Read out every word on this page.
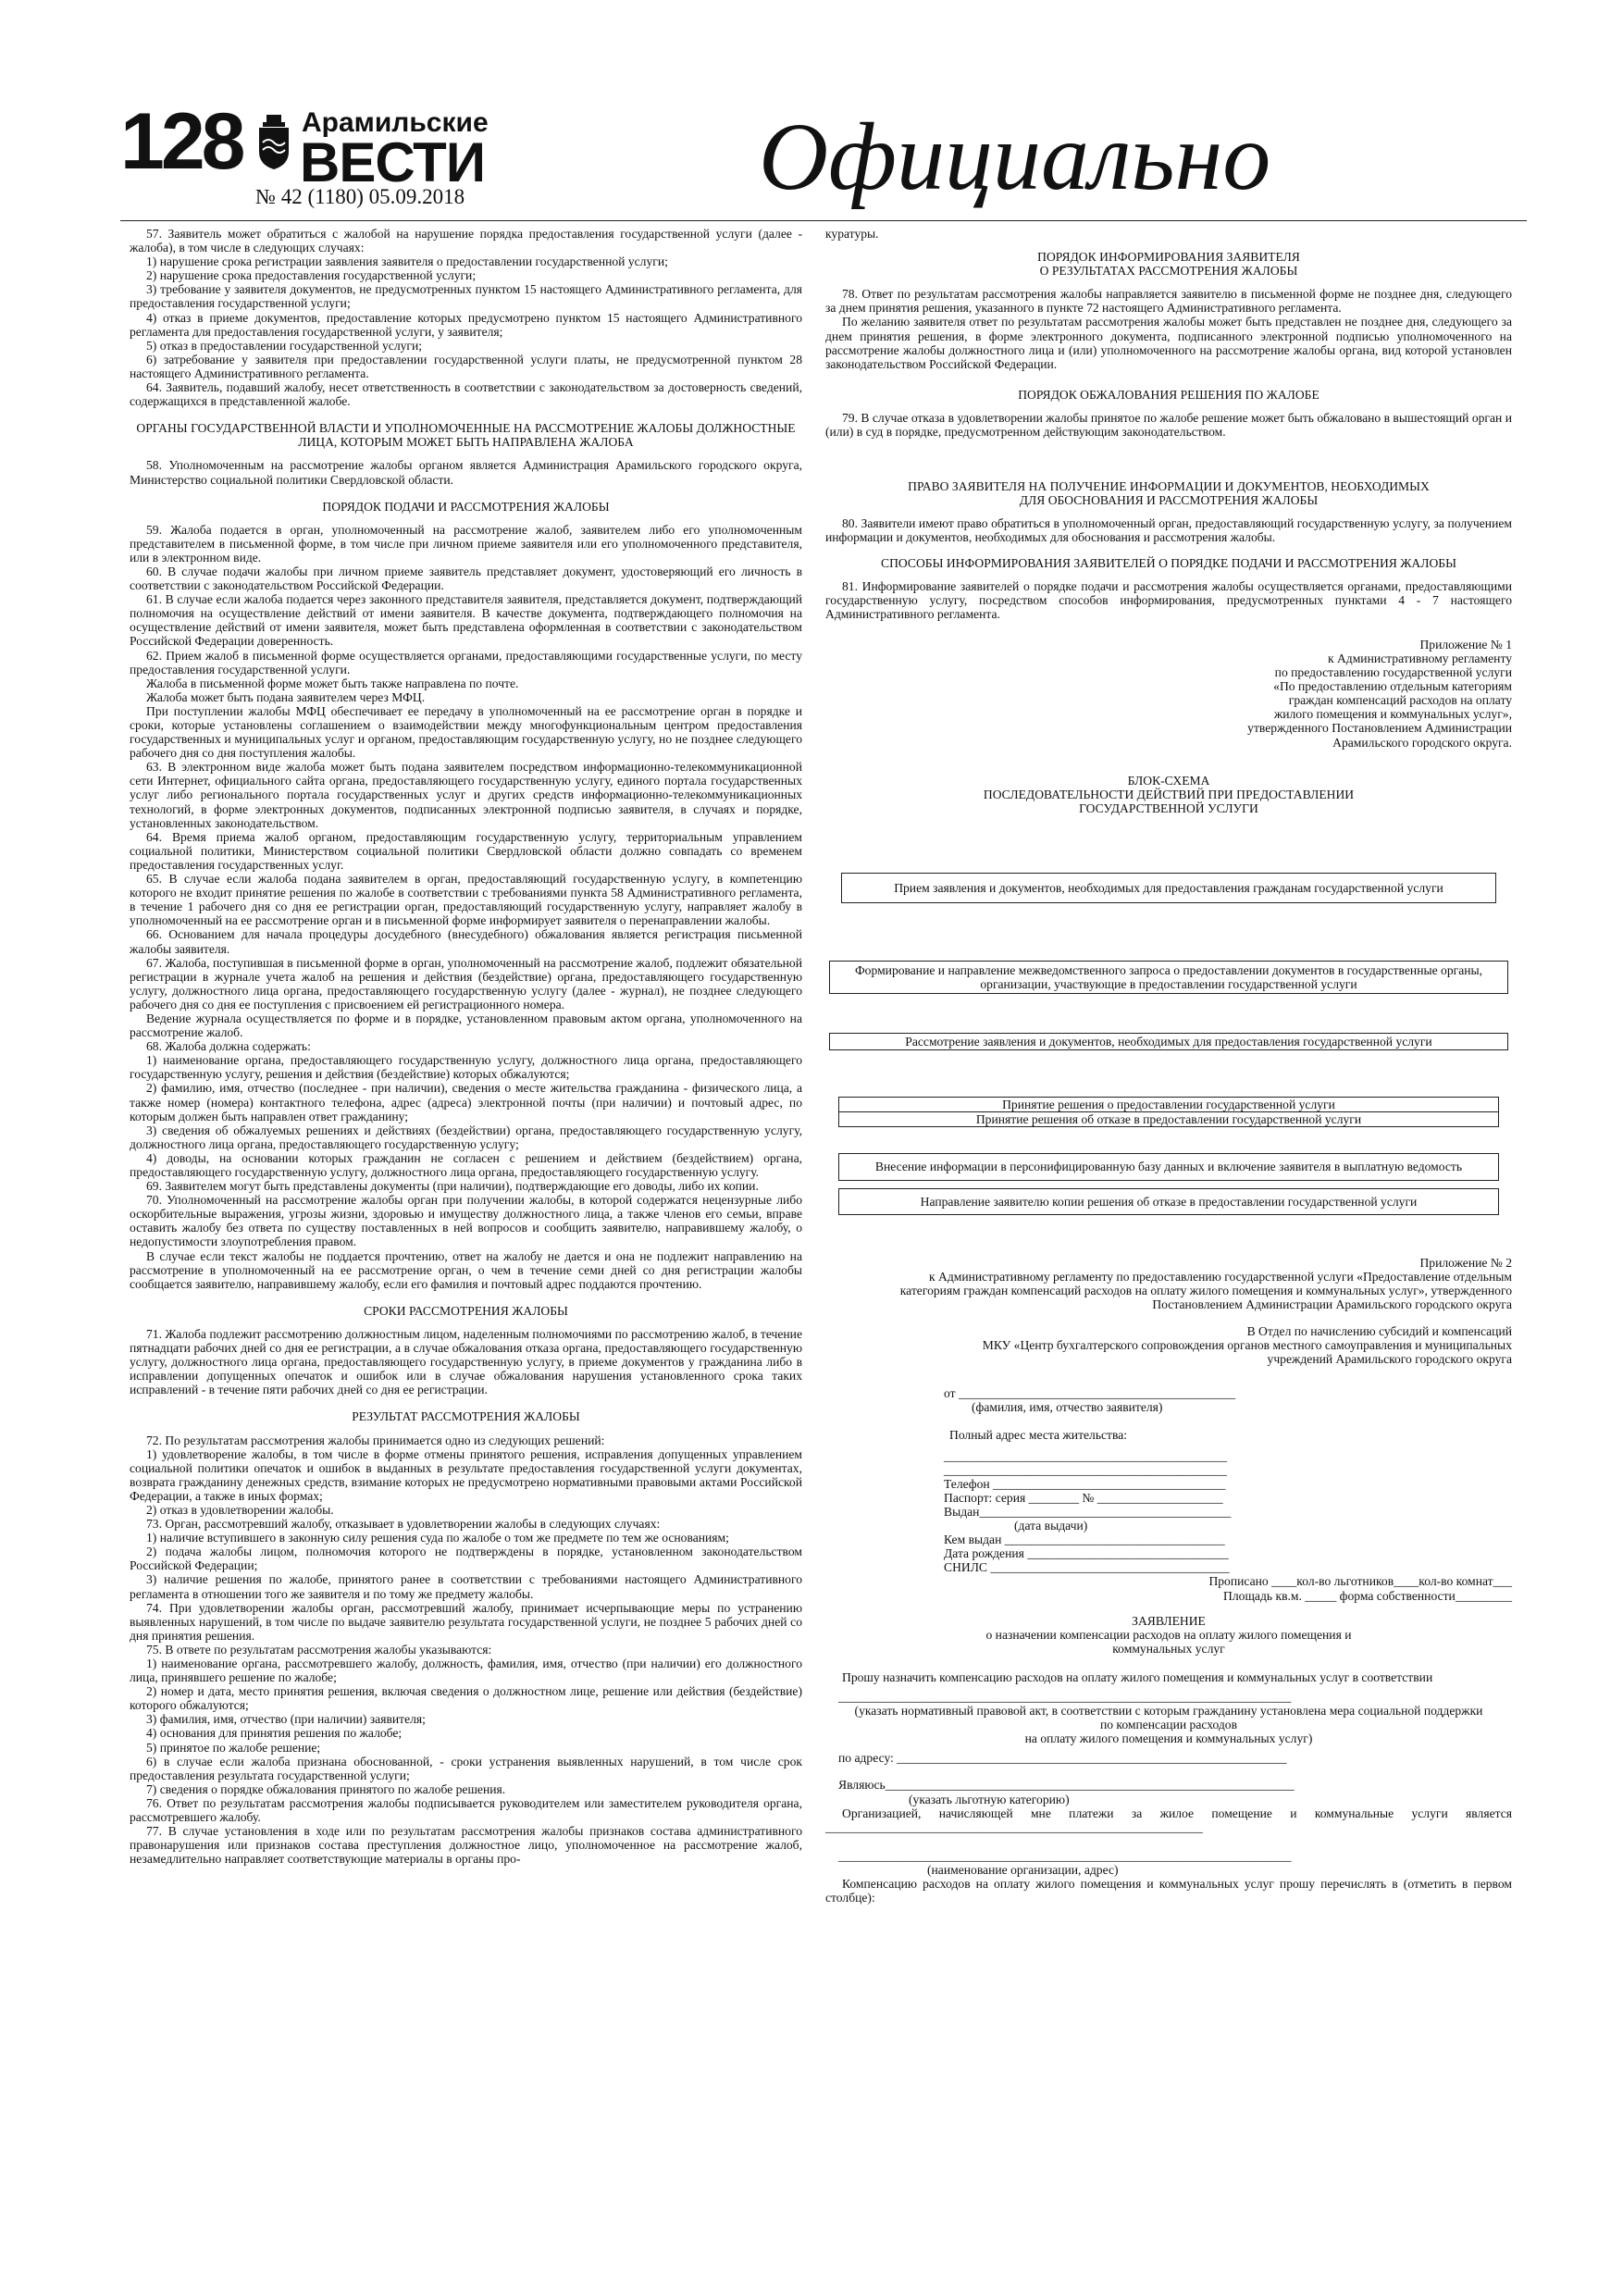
128 Арамильские
ВЕСТИ
№ 42 (1180) 05.09.2018	Официально

57. Заявитель может обратиться с жалобой на нарушение порядка предоставления государственной услуги (далее - жалоба), в том числе в следующих случаях:

1) нарушение срока регистрации заявления заявителя о предоставлении государственной услуги;

2) нарушение срока предоставления государственной услуги;

3) требование у заявителя документов, не предусмотренных пунктом 15 настоящего Административного регламента, для предоставления государственной услуги;

4) отказ в приеме документов, предоставление которых предусмотрено пунктом 15 настоящего Административного регламента для предоставления государственной услуги, у заявителя;

5) отказ в предоставлении государственной услуги;

6) затребование у заявителя при предоставлении государственной услуги платы, не предусмотренной пунктом 28 настоящего Административного регламента.

64. Заявитель, подавший жалобу, несет ответственность в соответствии с законодательством за достоверность сведений, содержащихся в представленной жалобе.

ОРГАНЫ ГОСУДАРСТВЕННОЙ ВЛАСТИ И УПОЛНОМОЧЕННЫЕ НА РАССМОТРЕНИЕ ЖАЛОБЫ ДОЛЖНОСТНЫЕ ЛИЦА, КОТОРЫМ МОЖЕТ БЫТЬ НАПРАВЛЕНА ЖАЛОБА

58. Уполномоченным на рассмотрение жалобы органом является Администрация Арамильского городского округа, Министерство социальной политики Свердловской области.

ПОРЯДОК ПОДАЧИ И РАССМОТРЕНИЯ ЖАЛОБЫ

59. Жалоба подается в орган, уполномоченный на рассмотрение жалоб, заявителем либо его уполномоченным представителем в письменной форме, в том числе при личном приеме заявителя или его уполномоченного представителя, или в электронном виде.

60. В случае подачи жалобы при личном приеме заявитель представляет документ, удостоверяющий его личность в соответствии с законодательством Российской Федерации.

61. В случае если жалоба подается через законного представителя заявителя, представляется документ, подтверждающий полномочия на осуществление действий от имени заявителя. В качестве документа, подтверждающего полномочия на осуществление действий от имени заявителя, может быть представлена оформленная в соответствии с законодательством Российской Федерации доверенность.

62. Прием жалоб в письменной форме осуществляется органами, предоставляющими государственные услуги, по месту предоставления государственной услуги.

Жалоба в письменной форме может быть также направлена по почте.

Жалоба может быть подана заявителем через МФЦ.

При поступлении жалобы МФЦ обеспечивает ее передачу в уполномоченный на ее рассмотрение орган в порядке и сроки, которые установлены соглашением о взаимодействии между многофункциональным центром предоставления государственных и муниципальных услуг и органом, предоставляющим государственную услугу, но не позднее следующего рабочего дня со дня поступления жалобы.

63. В электронном виде жалоба может быть подана заявителем посредством информационно-телекоммуникационной сети Интернет, официального сайта органа, предоставляющего государственную услугу, единого портала государственных услуг либо регионального портала государственных услуг и других средств информационно-телекоммуникационных технологий, в форме электронных документов, подписанных электронной подписью заявителя, в случаях и порядке, установленных законодательством.

64. Время приема жалоб органом, предоставляющим государственную услугу, территориальным управлением социальной политики, Министерством социальной политики Свердловской области должно совпадать со временем предоставления государственных услуг.

65. В случае если жалоба подана заявителем в орган, предоставляющий государственную услугу, в компетенцию которого не входит принятие решения по жалобе в соответствии с требованиями пункта 58 Административного регламента, в течение 1 рабочего дня со дня ее регистрации орган, предоставляющий государственную услугу, направляет жалобу в уполномоченный на ее рассмотрение орган и в письменной форме информирует заявителя о перенаправлении жалобы.

66. Основанием для начала процедуры досудебного (внесудебного) обжалования является регистрация письменной жалобы заявителя.

67. Жалоба, поступившая в письменной форме в орган, уполномоченный на рассмотрение жалоб, подлежит обязательной регистрации в журнале учета жалоб на решения и действия (бездействие) органа, предоставляющего государственную услугу, должностного лица органа, предоставляющего государственную услугу (далее - журнал), не позднее следующего рабочего дня со дня ее поступления с присвоением ей регистрационного номера.

Ведение журнала осуществляется по форме и в порядке, установленном правовым актом органа, уполномоченного на рассмотрение жалоб.

68. Жалоба должна содержать:

1) наименование органа, предоставляющего государственную услугу, должностного лица органа, предоставляющего государственную услугу, решения и действия (бездействие) которых обжалуются;

2) фамилию, имя, отчество (последнее - при наличии), сведения о месте жительства гражданина - физического лица, а также номер (номера) контактного телефона, адрес (адреса) электронной почты (при наличии) и почтовый адрес, по которым должен быть направлен ответ гражданину;

3) сведения об обжалуемых решениях и действиях (бездействии) органа, предоставляющего государственную услугу, должностного лица органа, предоставляющего государственную услугу;

4) доводы, на основании которых гражданин не согласен с решением и действием (бездействием) органа, предоставляющего государственную услугу, должностного лица органа, предоставляющего государственную услугу.

69. Заявителем могут быть представлены документы (при наличии), подтверждающие его доводы, либо их копии.

70. Уполномоченный на рассмотрение жалобы орган при получении жалобы, в которой содержатся нецензурные либо оскорбительные выражения, угрозы жизни, здоровью и имуществу должностного лица, а также членов его семьи, вправе оставить жалобу без ответа по существу поставленных в ней вопросов и сообщить заявителю, направившему жалобу, о недопустимости злоупотребления правом.

В случае если текст жалобы не поддается прочтению, ответ на жалобу не дается и она не подлежит направлению на рассмотрение в уполномоченный на ее рассмотрение орган, о чем в течение семи дней со дня регистрации жалобы сообщается заявителю, направившему жалобу, если его фамилия и почтовый адрес поддаются прочтению.

СРОКИ РАССМОТРЕНИЯ ЖАЛОБЫ

71. Жалоба подлежит рассмотрению должностным лицом, наделенным полномочиями по рассмотрению жалоб, в течение пятнадцати рабочих дней со дня ее регистрации, а в случае обжалования отказа органа, предоставляющего государственную услугу, должностного лица органа, предоставляющего государственную услугу, в приеме документов у гражданина либо в исправлении допущенных опечаток и ошибок или в случае обжалования нарушения установленного срока таких исправлений - в течение пяти рабочих дней со дня ее регистрации.

РЕЗУЛЬТАТ РАССМОТРЕНИЯ ЖАЛОБЫ

72. По результатам рассмотрения жалобы принимается одно из следующих решений:

1) удовлетворение жалобы, в том числе в форме отмены принятого решения, исправления допущенных управлением социальной политики опечаток и ошибок в выданных в результате предоставления государственной услуги документах, возврата гражданину денежных средств, взимание которых не предусмотрено нормативными правовыми актами Российской Федерации, а также в иных формах;

2) отказ в удовлетворении жалобы.

73. Орган, рассмотревший жалобу, отказывает в удовлетворении жалобы в следующих случаях:

1) наличие вступившего в законную силу решения суда по жалобе о том же предмете по тем же основаниям;

2) подача жалобы лицом, полномочия которого не подтверждены в порядке, установленном законодательством Российской Федерации;

3) наличие решения по жалобе, принятого ранее в соответствии с требованиями настоящего Административного регламента в отношении того же заявителя и по тому же предмету жалобы.

74. При удовлетворении жалобы орган, рассмотревший жалобу, принимает исчерпывающие меры по устранению выявленных нарушений, в том числе по выдаче заявителю результата государственной услуги, не позднее 5 рабочих дней со дня принятия решения.

75. В ответе по результатам рассмотрения жалобы указываются:

1) наименование органа, рассмотревшего жалобу, должность, фамилия, имя, отчество (при наличии) его должностного лица, принявшего решение по жалобе;

2) номер и дата, место принятия решения, включая сведения о должностном лице, решение или действия (бездействие) которого обжалуются;

3) фамилия, имя, отчество (при наличии) заявителя;

4) основания для принятия решения по жалобе;

5) принятое по жалобе решение;

6) в случае если жалоба признана обоснованной, - сроки устранения выявленных нарушений, в том числе срок предоставления результата государственной услуги;

7) сведения о порядке обжалования принятого по жалобе решения.

76. Ответ по результатам рассмотрения жалобы подписывается руководителем или заместителем руководителя органа, рассмотревшего жалобу.

77. В случае установления в ходе или по результатам рассмотрения жалобы признаков состава административного правонарушения или признаков состава преступления должностное лицо, уполномоченное на рассмотрение жалоб, незамедлительно направляет соответствующие материалы в органы про-

куратуры.

ПОРЯДОК ИНФОРМИРОВАНИЯ ЗАЯВИТЕЛЯ
О РЕЗУЛЬТАТАХ РАССМОТРЕНИЯ ЖАЛОБЫ

78. Ответ по результатам рассмотрения жалобы направляется заявителю в письменной форме не позднее дня, следующего за днем принятия решения, указанного в пункте 72 настоящего Административного регламента.

По желанию заявителя ответ по результатам рассмотрения жалобы может быть представлен не позднее дня, следующего за днем принятия решения, в форме электронного документа, подписанного электронной подписью уполномоченного на рассмотрение жалобы должностного лица и (или) уполномоченного на рассмотрение жалобы органа, вид которой установлен законодательством Российской Федерации.

ПОРЯДОК ОБЖАЛОВАНИЯ РЕШЕНИЯ ПО ЖАЛОБЕ

79. В случае отказа в удовлетворении жалобы принятое по жалобе решение может быть обжаловано в вышестоящий орган и (или) в суд в порядке, предусмотренном действующим законодательством.

ПРАВО ЗАЯВИТЕЛЯ НА ПОЛУЧЕНИЕ ИНФОРМАЦИИ И ДОКУМЕНТОВ, НЕОБХОДИМЫХ
ДЛЯ ОБОСНОВАНИЯ И РАССМОТРЕНИЯ ЖАЛОБЫ

80. Заявители имеют право обратиться в уполномоченный орган, предоставляющий государственную услугу, за получением информации и документов, необходимых для обоснования и рассмотрения жалобы.

СПОСОБЫ ИНФОРМИРОВАНИЯ ЗАЯВИТЕЛЕЙ О ПОРЯДКЕ ПОДАЧИ И РАССМОТРЕНИЯ ЖАЛОБЫ

81. Информирование заявителей о порядке подачи и рассмотрения жалобы осуществляется органами, предоставляющими государственную услугу, посредством способов информирования, предусмотренных пунктами 4 - 7 настоящего Административного регламента.

Приложение № 1
к Административному регламенту
по предоставлению государственной услуги
«По предоставлению отдельным категориям
граждан компенсаций расходов на оплату
жилого помещения и коммунальных услуг»,
утвержденного Постановлением Администрации
Арамильского городского округа.

БЛОК-СХЕМА
ПОСЛЕДОВАТЕЛЬНОСТИ ДЕЙСТВИЙ ПРИ ПРЕДОСТАВЛЕНИИ
ГОСУДАРСТВЕННОЙ УСЛУГИ
Прием заявления и документов, необходимых для предоставления гражданам государственной услуги
Формирование и направление межведомственного запроса о предоставлении документов в государственные органы, организации, участвующие в предоставлении государственной услуги
Рассмотрение заявления и документов, необходимых для предоставления государственной услуги
Принятие решения о предоставлении государственной услуги
Принятие решения об отказе в предоставлении государственной услуги
Внесение информации в персонифицированную базу данных и включение заявителя в выплатную ведомость
Направление заявителю копии решения об отказе в предоставлении государственной услуги

Приложение № 2

к Административному регламенту по предоставлению государственной услуги «Предоставление отдельным категориям граждан компенсаций расходов на оплату жилого помещения и коммунальных услуг», утвержденного Постановлением Администрации Арамильского городского округа

В Отдел по начислению субсидий и компенсаций
МКУ «Центр бухгалтерского сопровождения органов местного самоуправления и муниципальных
учреждений Арамильского городского округа

от ____________________________________________

(фамилия, имя, отчество заявителя)

Полный адрес места жительства:

_____________________________________________

_____________________________________________

Телефон _____________________________________

Паспорт: серия ________ № ____________________

Выдан________________________________________

(дата выдачи)

Кем выдан ___________________________________

Дата рождения ________________________________

СНИЛС ______________________________________

Прописано ____кол-во льготников____кол-во комнат___

Площадь кв.м. _____ форма собственности_________

ЗАЯВЛЕНИЕ

о назначении компенсации расходов на оплату жилого помещения и
коммунальных услуг

Прошу назначить компенсацию расходов на оплату жилого помещения и коммунальных услуг в соответствии

________________________________________________________________________

(указать нормативный правовой акт, в соответствии с которым гражданину установлена мера социальной поддержки по компенсации расходов
на оплату жилого помещения и коммунальных услуг)

по адресу: ______________________________________________________________

Являюсь_________________________________________________________________

(указать льготную категорию)

Организацией, начисляющей мне платежи за жилое помещение и коммунальные услуги является ____________________________________________________________

________________________________________________________________________

(наименование организации, адрес)

Компенсацию расходов на оплату жилого помещения и коммунальных услуг прошу перечислять в (отметить в первом столбце):
